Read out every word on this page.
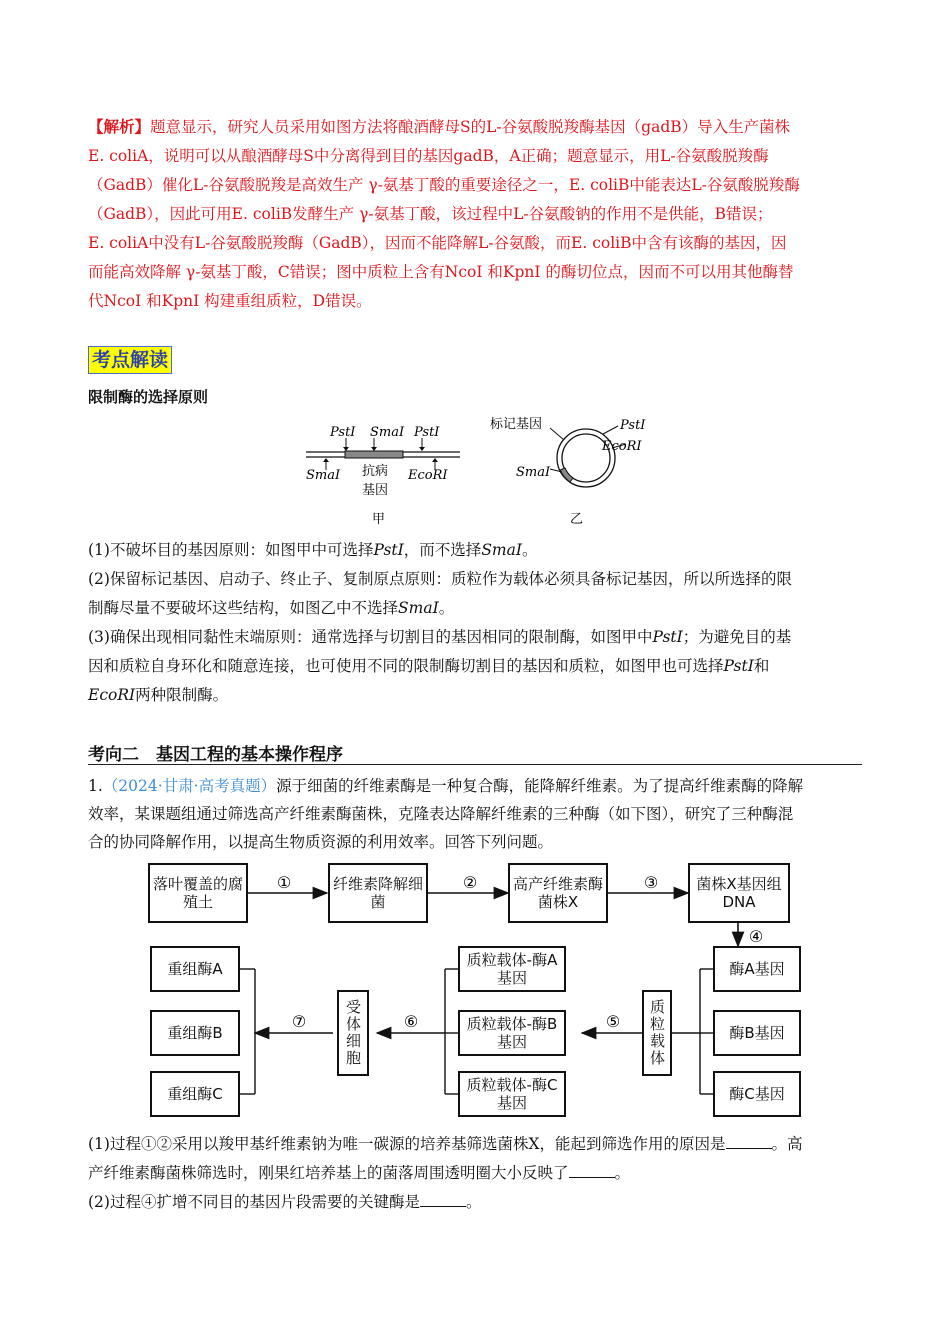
【解析】题意显示，研究人员采用如图方法将酿酒酵母S的L-谷氨酸脱羧酶基因（gadB）导入生产菌株
E. coliA，说明可以从酿酒酵母S中分离得到目的基因gadB，A正确；题意显示，用L-谷氨酸脱羧酶
（GadB）催化L-谷氨酸脱羧是高效生产 γ-氨基丁酸的重要途径之一，E. coliB中能表达L-谷氨酸脱羧酶
（GadB），因此可用E. coliB发酵生产 γ-氨基丁酸，该过程中L-谷氨酸钠的作用不是供能，B错误；
E. coliA中没有L-谷氨酸脱羧酶（GadB），因而不能降解L-谷氨酸，而E. coliB中含有该酶的基因，因
而能高效降解 γ-氨基丁酸，C错误；图中质粒上含有NcoⅠ 和KpnⅠ 的酶切位点，因而不可以用其他酶替
代NcoⅠ 和KpnⅠ 构建重组质粒，D错误。
考点解读
限制酶的选择原则
PstⅠ SmaⅠ PstⅠ
SmaⅠ 抗病
基因
EcoRⅠ
甲
标记基因	PstⅠ
EcoRⅠ
SmaⅠ
乙
(1)不破坏目的基因原则：如图甲中可选择PstⅠ，而不选择SmaⅠ。
(2)保留标记基因、启动子、终止子、复制原点原则：质粒作为载体必须具备标记基因，所以所选择的限
制酶尽量不要破坏这些结构，如图乙中不选择SmaⅠ。
(3)确保出现相同黏性末端原则：通常选择与切割目的基因相同的限制酶，如图甲中PstⅠ；为避免目的基
因和质粒自身环化和随意连接，也可使用不同的限制酶切割目的基因和质粒，如图甲也可选择PstⅠ和
EcoRⅠ两种限制酶。
考向二　基因工程的基本操作程序
1.（2024·甘肃·高考真题）源于细菌的纤维素酶是一种复合酶，能降解纤维素。为了提高纤维素酶的降解
效率，某课题组通过筛选高产纤维素酶菌株，克隆表达降解纤维素的三种酶（如下图），研究了三种酶混
合的协同降解作用，以提高生物质资源的利用效率。回答下列问题。
①	②	③
④
⑤
⑥
⑦
落叶覆盖的腐殖土
纤维素降解细菌
高产纤维素酶菌株X
菌株X基因组DNA
酶A基因
酶B基因
酶C基因
质粒载体
质粒载体-酶A基因
质粒载体-酶B基因
质粒载体-酶C基因
受体细胞
重组酶A
重组酶B
重组酶C
(1)过程①②采用以羧甲基纤维素钠为唯一碳源的培养基筛选菌株X，能起到筛选作用的原因是	。高
产纤维素酶菌株筛选时，刚果红培养基上的菌落周围透明圈大小反映了	。
(2)过程④扩增不同目的基因片段需要的关键酶是	。
